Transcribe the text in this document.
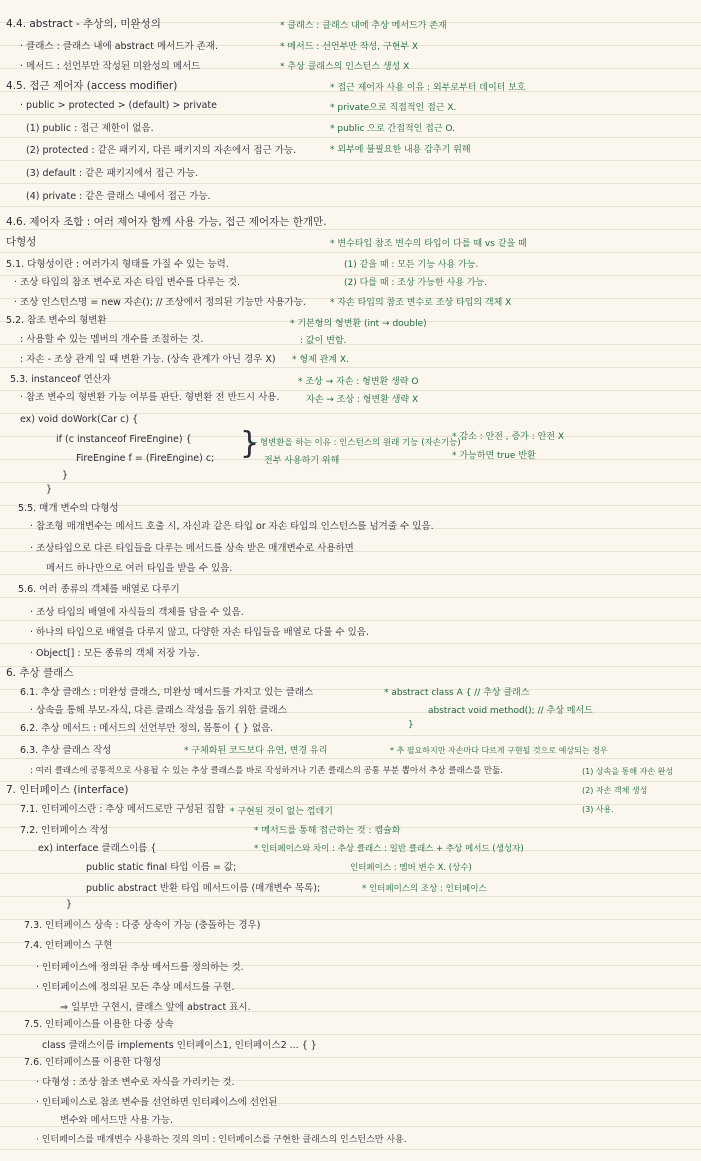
4.4. abstract - 추상의, 미완성의
· 클래스 : 클래스 내에 abstract 메서드가 존재.
· 메서드 : 선언부만 작성된 미완성의 메서드
4.5. 접근 제어자 (access modifier)
· public > protected > (default) > private
(1) public : 접근 제한이 없음.
(2) protected : 같은 패키지, 다른 패키지의 자손에서 접근 가능.
(3) default : 같은 패키지에서 접근 가능.
(4) private : 같은 클래스 내에서 접근 가능.
4.6. 제어자 조합 : 여러 제어자 함께 사용 가능, 접근 제어자는 한개만.
다형성
5.1. 다형성이란 : 여러가지 형태를 가질 수 있는 능력.
· 조상 타입의 참조 변수로 자손 타입 변수를 다루는 것.
· 조상 인스턴스명 = new 자손(); // 조상에서 정의된 기능만 사용가능.
5.2. 참조 변수의 형변환
: 사용할 수 있는 멤버의 개수를 조절하는 것.
: 자손 - 조상 관계 일 때 변환 가능. (상속 관계가 아닌 경우 X)
5.3. instanceof 연산자
· 참조 변수의 형변환 가능 여부를 판단. 형변환 전 반드시 사용.
ex) void doWork(Car c) {
if (c instanceof FireEngine) {
FireEngine f = (FireEngine) c;
}
}
}
5.5. 매개 변수의 다형성
· 참조형 매개변수는 메서드 호출 시, 자신과 같은 타입 or 자손 타입의 인스턴스를 넘겨줄 수 있음.
· 조상타입으로 다른 타입들을 다루는 메서드를 상속 받은 매개변수로 사용하면
메서드 하나만으로 여러 타입을 받을 수 있음.
5.6. 여러 종류의 객체를 배열로 다루기
· 조상 타입의 배열에 자식들의 객체를 담을 수 있음.
· 하나의 타입으로 배열을 다루지 않고, 다양한 자손 타입들을 배열로 다룰 수 있음.
· Object[] : 모든 종류의 객체 저장 가능.
6. 추상 클래스
6.1. 추상 클래스 : 미완성 클래스, 미완성 메서드를 가지고 있는 클래스
· 상속을 통해 부모-자식, 다른 클래스 작성을 돕기 위한 클래스
6.2. 추상 메서드 : 메서드의 선언부만 정의, 몸통이 { } 없음.
6.3. 추상 클래스 작성
: 여러 클래스에 공통적으로 사용될 수 있는 추상 클래스를 바로 작성하거나 기존 클래스의 공통 부분 뽑아서 추상 클래스를 만듦.
7. 인터페이스 (interface)
7.1. 인터페이스란 : 추상 메서드로만 구성된 집합
7.2. 인터페이스 작성
ex) interface 클래스이름 {
public static final 타입 이름 = 값;
public abstract 반환 타입 메서드이름 (매개변수 목록);
}
7.3. 인터페이스 상속 : 다중 상속이 가능 (충돌하는 경우)
7.4. 인터페이스 구현
· 인터페이스에 정의된 추상 메서드를 정의하는 것.
· 인터페이스에 정의된 모든 추상 메서드를 구현.
⇒ 일부만 구현시, 클래스 앞에 abstract 표시.
7.5. 인터페이스를 이용한 다중 상속
class 클래스이름 implements 인터페이스1, 인터페이스2 ... { }
7.6. 인터페이스를 이용한 다형성
· 다형성 : 조상 참조 변수로 자식을 가리키는 것.
· 인터페이스로 참조 변수를 선언하면 인터페이스에 선언된
변수와 메서드만 사용 가능.
· 인터페이스를 매개변수 사용하는 것의 의미 : 인터페이스를 구현한 클래스의 인스턴스만 사용.
* 클래스 : 클래스 내에 추상 메서드가 존재
* 메서드 : 선언부만 작성, 구현부 X
* 추상 클래스의 인스턴스 생성 X
* 접근 제어자 사용 이유 : 외부로부터 데이터 보호
* private으로 직접적인 접근 X.
* public 으로 간접적인 접근 O.
* 외부에 불필요한 내용 감추기 위해
* 변수타입 참조 변수의 타입이 다를 때 vs 같을 때
(1) 같을 때 : 모든 기능 사용 가능.
(2) 다를 때 : 조상 가능한 사용 가능.
* 자손 타입의 참조 변수로 조상 타입의 객체 X
* 기본형의 형변환 (int → double)
: 값이 변함.
* 형제 관계 X.
* 조상 → 자손 : 형변환 생략 O
자손 → 조상 : 형변환 생략 X
← 형변환을 하는 이유 : 인스턴스의 원래 기능 (자손기능)
전부 사용하기 위해
* 감소 : 안전 , 증가 : 안전 X
* 가능하면 true 반환
* abstract class A { // 추상 클래스
abstract void method(); // 추상 메서드
}
* 구체화된 코드보다 유연, 변경 유리	* 추 필요하지만 자손마다 다르게 구현될 것으로 예상되는 경우
(1) 상속을 통해 자손 완성
(2) 자손 객체 생성
(3) 사용.
* 구현된 것이 없는 껍데기
* 메서드를 통해 접근하는 것 : 캡슐화
* 인터페이스와 차이 : 추상 클래스 : 일반 클래스 + 추상 메서드 (생성자)
인터페이스 : 멤버 변수 X. (상수)
* 인터페이스의 조상 : 인터페이스
